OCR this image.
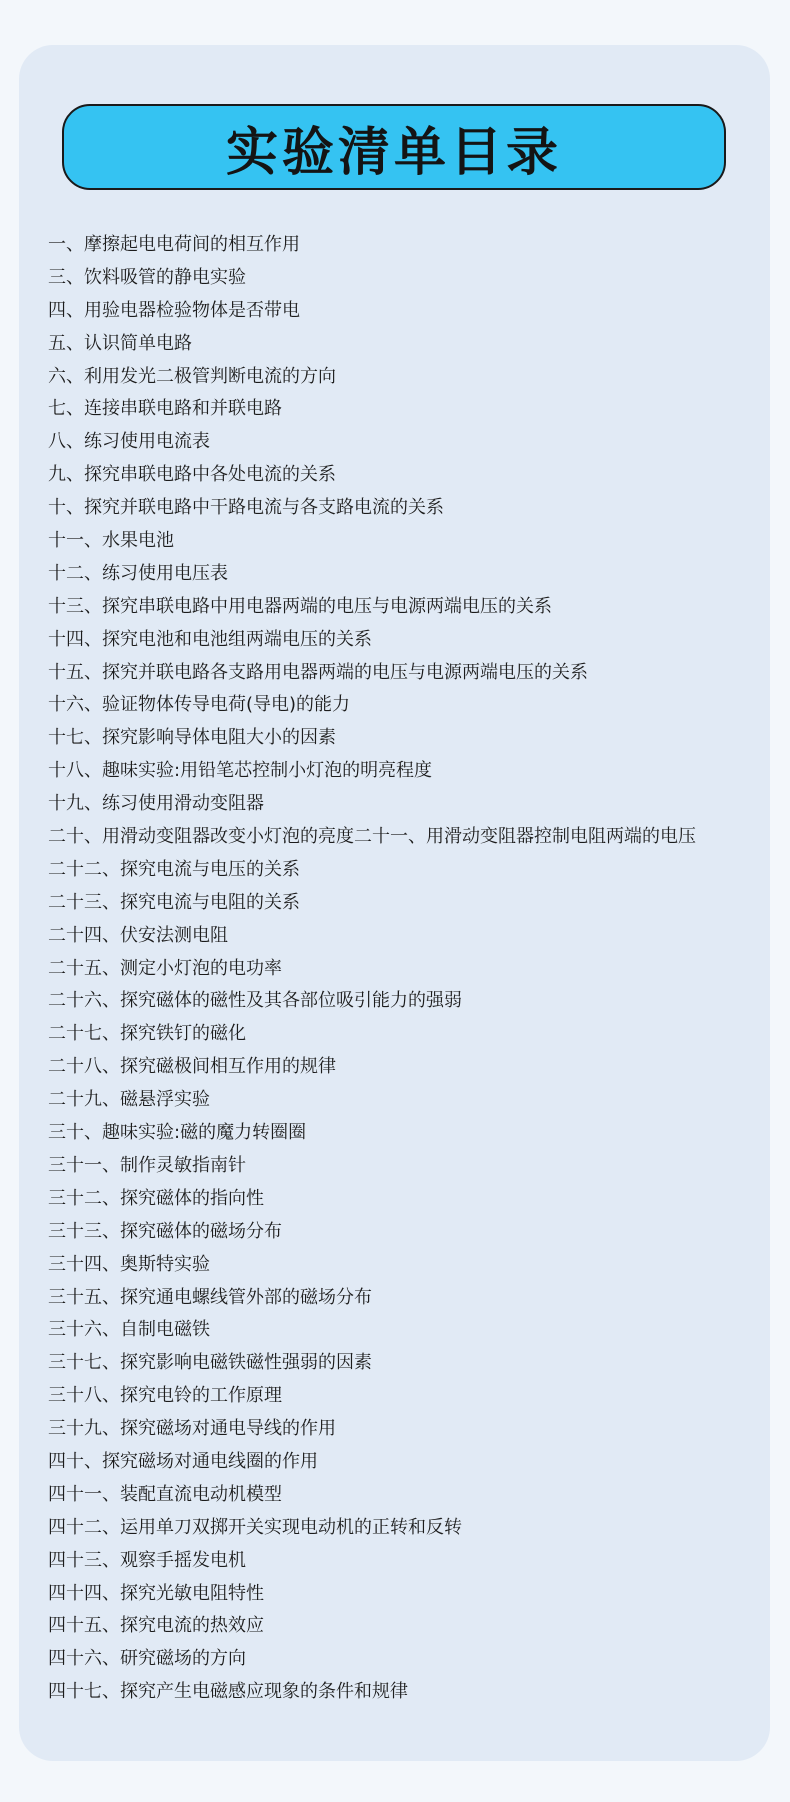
实验清单目录
一、摩擦起电电荷间的相互作用
三、饮料吸管的静电实验
四、用验电器检验物体是否带电
五、认识简单电路
六、利用发光二极管判断电流的方向
七、连接串联电路和并联电路
八、练习使用电流表
九、探究串联电路中各处电流的关系
十、探究并联电路中干路电流与各支路电流的关系
十一、水果电池
十二、练习使用电压表
十三、探究串联电路中用电器两端的电压与电源两端电压的关系
十四、探究电池和电池组两端电压的关系
十五、探究并联电路各支路用电器两端的电压与电源两端电压的关系
十六、验证物体传导电荷(导电)的能力
十七、探究影响导体电阻大小的因素
十八、趣味实验:用铅笔芯控制小灯泡的明亮程度
十九、练习使用滑动变阻器
二十、用滑动变阻器改变小灯泡的亮度二十一、用滑动变阻器控制电阻两端的电压
二十二、探究电流与电压的关系
二十三、探究电流与电阻的关系
二十四、伏安法测电阻
二十五、测定小灯泡的电功率
二十六、探究磁体的磁性及其各部位吸引能力的强弱
二十七、探究铁钉的磁化
二十八、探究磁极间相互作用的规律
二十九、磁悬浮实验
三十、趣味实验:磁的魔力转圈圈
三十一、制作灵敏指南针
三十二、探究磁体的指向性
三十三、探究磁体的磁场分布
三十四、奥斯特实验
三十五、探究通电螺线管外部的磁场分布
三十六、自制电磁铁
三十七、探究影响电磁铁磁性强弱的因素
三十八、探究电铃的工作原理
三十九、探究磁场对通电导线的作用
四十、探究磁场对通电线圈的作用
四十一、装配直流电动机模型
四十二、运用单刀双掷开关实现电动机的正转和反转
四十三、观察手摇发电机
四十四、探究光敏电阻特性
四十五、探究电流的热效应
四十六、研究磁场的方向
四十七、探究产生电磁感应现象的条件和规律
